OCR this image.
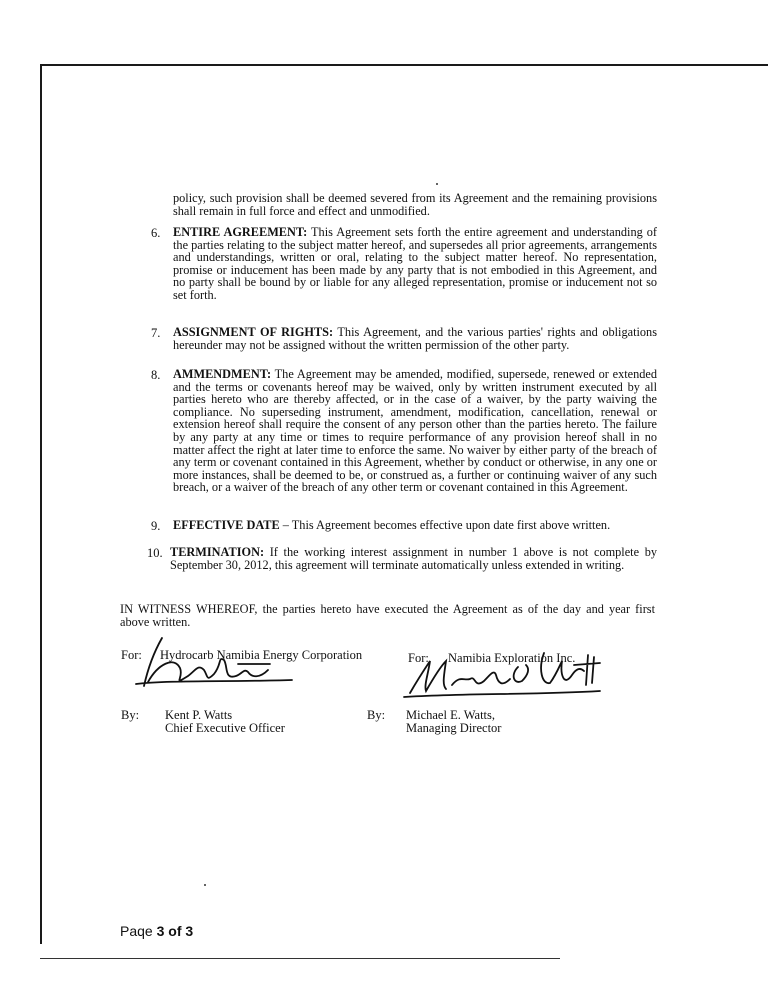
policy, such provision shall be deemed severed from its Agreement and the remaining provisions shall remain in full force and effect and unmodified.
6. ENTIRE AGREEMENT: This Agreement sets forth the entire agreement and understanding of the parties relating to the subject matter hereof, and supersedes all prior agreements, arrangements and understandings, written or oral, relating to the subject matter hereof. No representation, promise or inducement has been made by any party that is not embodied in this Agreement, and no party shall be bound by or liable for any alleged representation, promise or inducement not so set forth.
7. ASSIGNMENT OF RIGHTS: This Agreement, and the various parties' rights and obligations hereunder may not be assigned without the written permission of the other party.
8. AMMENDMENT: The Agreement may be amended, modified, supersede, renewed or extended and the terms or covenants hereof may be waived, only by written instrument executed by all parties hereto who are thereby affected, or in the case of a waiver, by the party waiving the compliance. No superseding instrument, amendment, modification, cancellation, renewal or extension hereof shall require the consent of any person other than the parties hereto. The failure by any party at any time or times to require performance of any provision hereof shall in no matter affect the right at later time to enforce the same. No waiver by either party of the breach of any term or covenant contained in this Agreement, whether by conduct or otherwise, in any one or more instances, shall be deemed to be, or construed as, a further or continuing waiver of any such breach, or a waiver of the breach of any other term or covenant contained in this Agreement.
9. EFFECTIVE DATE – This Agreement becomes effective upon date first above written.
10. TERMINATION: If the working interest assignment in number 1 above is not complete by September 30, 2012, this agreement will terminate automatically unless extended in writing.
IN WITNESS WHEREOF, the parties hereto have executed the Agreement as of the day and year first above written.
For: Hydrocarb Namibia Energy Corporation
By: Kent P. Watts
Chief Executive Officer
For: Namibia Exploration Inc.
By: Michael E. Watts,
Managing Director
Paqe 3 of 3
